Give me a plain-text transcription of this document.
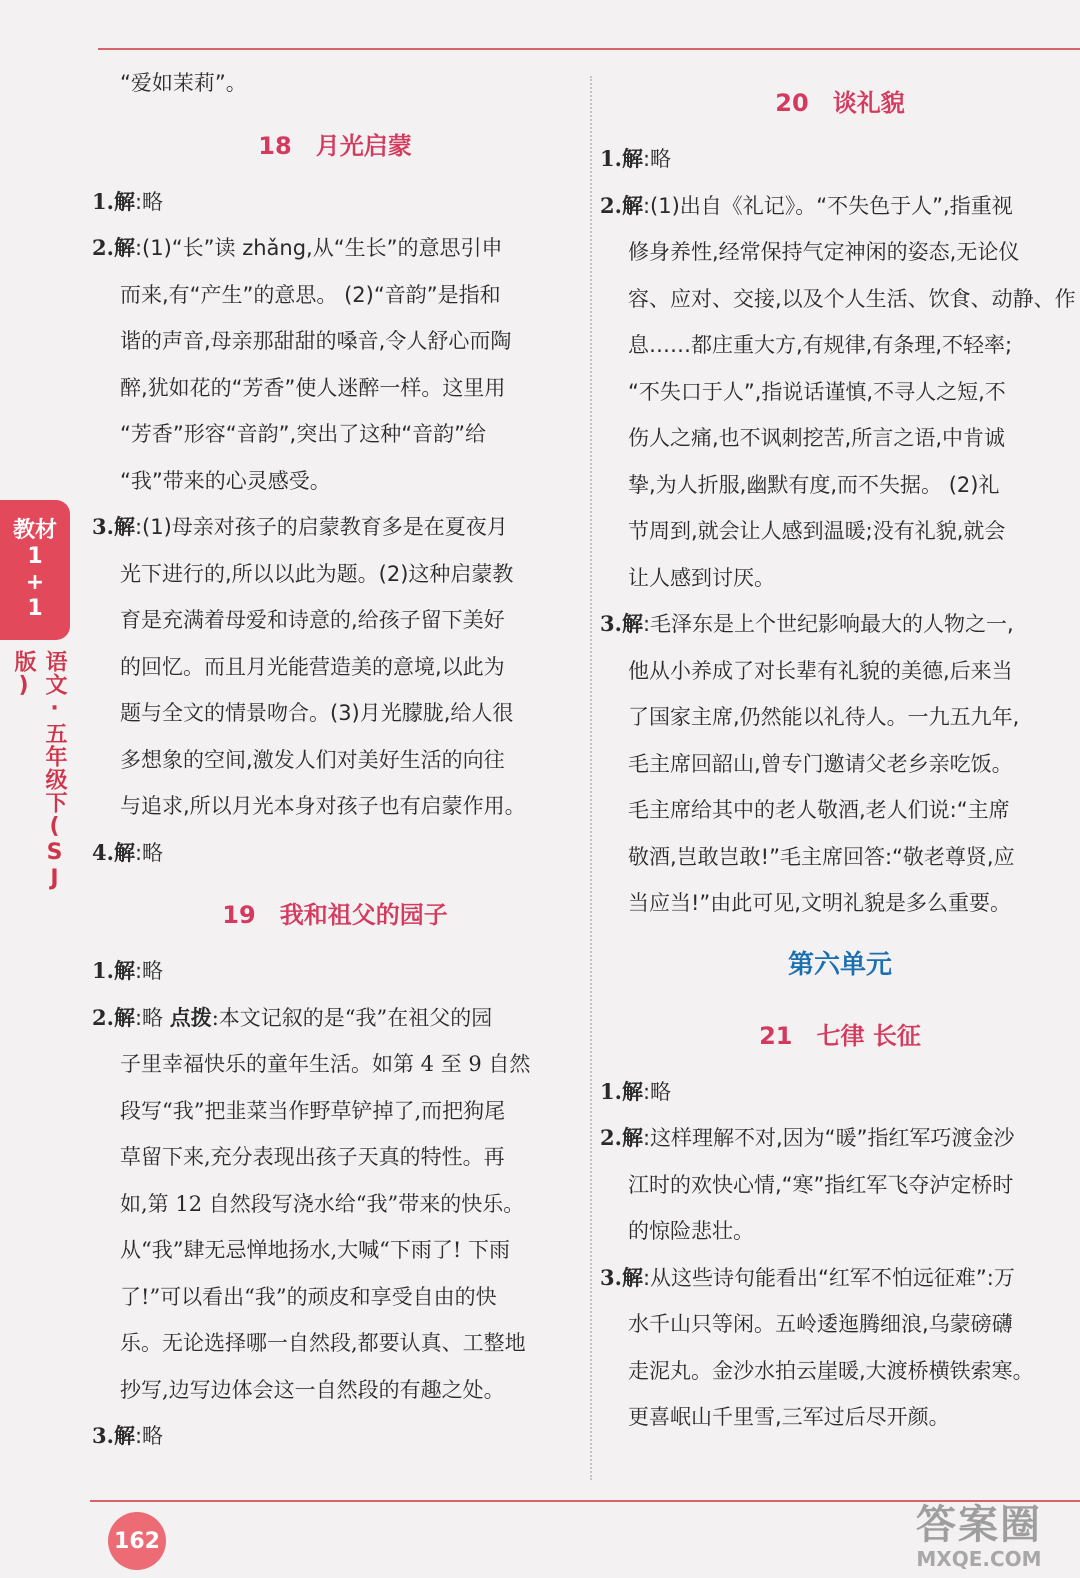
教材
1
+
1
语文·五年级下(SJ版)
“爱如茉莉”。
18 月光启蒙
1.解:略
2.解:(1)“长”读 zhǎng,从“生长”的意思引申
而来,有“产生”的意思。 (2)“音韵”是指和
谐的声音,母亲那甜甜的嗓音,令人舒心而陶
醉,犹如花的“芳香”使人迷醉一样。这里用
“芳香”形容“音韵”,突出了这种“音韵”给
“我”带来的心灵感受。
3.解:(1)母亲对孩子的启蒙教育多是在夏夜月
光下进行的,所以以此为题。(2)这种启蒙教
育是充满着母爱和诗意的,给孩子留下美好
的回忆。而且月光能营造美的意境,以此为
题与全文的情景吻合。(3)月光朦胧,给人很
多想象的空间,激发人们对美好生活的向往
与追求,所以月光本身对孩子也有启蒙作用。
4.解:略
19 我和祖父的园子
1.解:略
2.解:略 点拨:本文记叙的是“我”在祖父的园
子里幸福快乐的童年生活。如第 4 至 9 自然
段写“我”把韭菜当作野草铲掉了,而把狗尾
草留下来,充分表现出孩子天真的特性。再
如,第 12 自然段写浇水给“我”带来的快乐。
从“我”肆无忌惮地扬水,大喊“下雨了! 下雨
了!”可以看出“我”的顽皮和享受自由的快
乐。无论选择哪一自然段,都要认真、工整地
抄写,边写边体会这一自然段的有趣之处。
3.解:略
20 谈礼貌
1.解:略
2.解:(1)出自《礼记》。“不失色于人”,指重视
修身养性,经常保持气定神闲的姿态,无论仪
容、应对、交接,以及个人生活、饮食、动静、作
息……都庄重大方,有规律,有条理,不轻率;
“不失口于人”,指说话谨慎,不寻人之短,不
伤人之痛,也不讽刺挖苦,所言之语,中肯诚
挚,为人折服,幽默有度,而不失据。 (2)礼
节周到,就会让人感到温暖;没有礼貌,就会
让人感到讨厌。
3.解:毛泽东是上个世纪影响最大的人物之一,
他从小养成了对长辈有礼貌的美德,后来当
了国家主席,仍然能以礼待人。一九五九年,
毛主席回韶山,曾专门邀请父老乡亲吃饭。
毛主席给其中的老人敬酒,老人们说:“主席
敬酒,岂敢岂敢!”毛主席回答:“敬老尊贤,应
当应当!”由此可见,文明礼貌是多么重要。
第六单元
21 七律 长征
1.解:略
2.解:这样理解不对,因为“暖”指红军巧渡金沙
江时的欢快心情,“寒”指红军飞夺泸定桥时
的惊险悲壮。
3.解:从这些诗句能看出“红军不怕远征难”:万
水千山只等闲。五岭逶迤腾细浪,乌蒙磅礴
走泥丸。金沙水拍云崖暖,大渡桥横铁索寒。
更喜岷山千里雪,三军过后尽开颜。
162	答案圈
MXQE.COM
